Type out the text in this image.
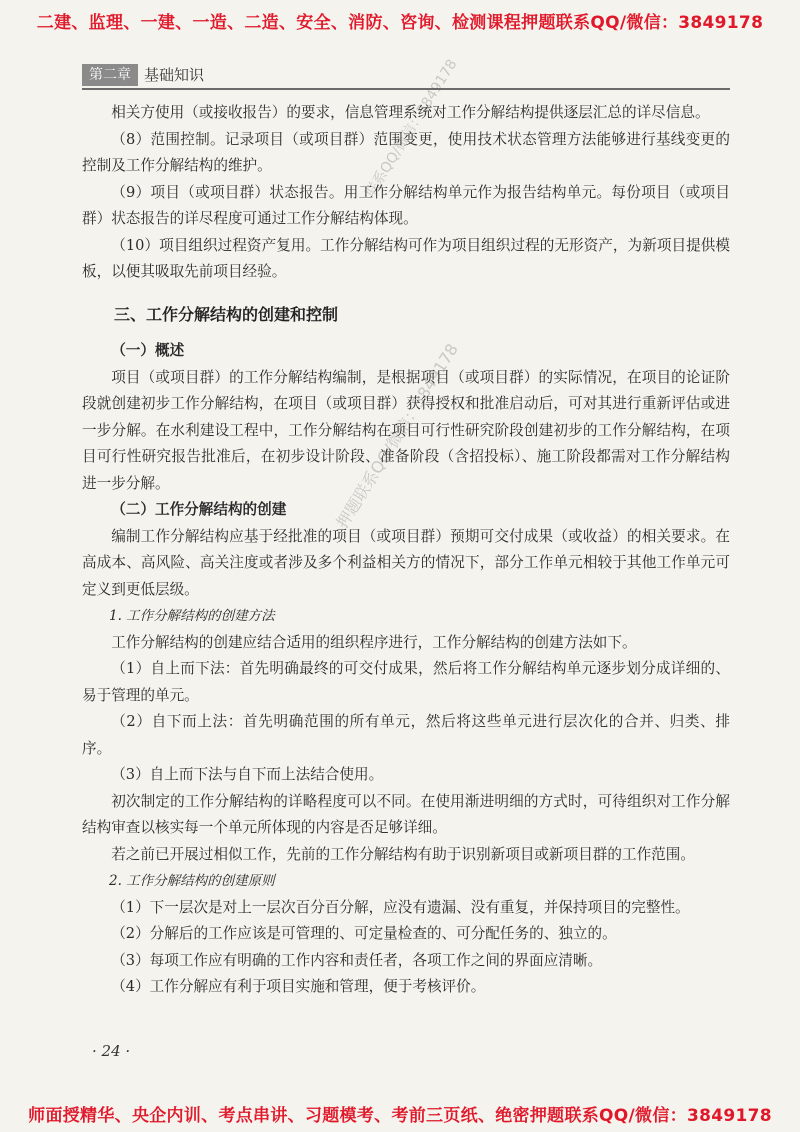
二建、监理、一建、一造、二造、安全、消防、咨询、检测课程押题联系QQ/微信：3849178
第二章 基础知识

相关方使用（或接收报告）的要求，信息管理系统对工作分解结构提供逐层汇总的详尽信息。

（8）范围控制。记录项目（或项目群）范围变更，使用技术状态管理方法能够进行基线变更的控制及工作分解结构的维护。

（9）项目（或项目群）状态报告。用工作分解结构单元作为报告结构单元。每份项目（或项目群）状态报告的详尽程度可通过工作分解结构体现。

（10）项目组织过程资产复用。工作分解结构可作为项目组织过程的无形资产，为新项目提供模板，以便其吸取先前项目经验。

三、工作分解结构的创建和控制

（一）概述

项目（或项目群）的工作分解结构编制，是根据项目（或项目群）的实际情况，在项目的论证阶段就创建初步工作分解结构，在项目（或项目群）获得授权和批准启动后，可对其进行重新评估或进一步分解。在水利建设工程中，工作分解结构在项目可行性研究阶段创建初步的工作分解结构，在项目可行性研究报告批准后，在初步设计阶段、准备阶段（含招投标）、施工阶段都需对工作分解结构进一步分解。

（二）工作分解结构的创建

编制工作分解结构应基于经批准的项目（或项目群）预期可交付成果（或收益）的相关要求。在高成本、高风险、高关注度或者涉及多个利益相关方的情况下，部分工作单元相较于其他工作单元可定义到更低层级。

1. 工作分解结构的创建方法

工作分解结构的创建应结合适用的组织程序进行，工作分解结构的创建方法如下。

（1）自上而下法：首先明确最终的可交付成果，然后将工作分解结构单元逐步划分成详细的、易于管理的单元。

（2）自下而上法：首先明确范围的所有单元，然后将这些单元进行层次化的合并、归类、排序。

（3）自上而下法与自下而上法结合使用。

初次制定的工作分解结构的详略程度可以不同。在使用渐进明细的方式时，可待组织对工作分解结构审查以核实每一个单元所体现的内容是否足够详细。

若之前已开展过相似工作，先前的工作分解结构有助于识别新项目或新项目群的工作范围。

2. 工作分解结构的创建原则

（1）下一层次是对上一层次百分百分解，应没有遗漏、没有重复，并保持项目的完整性。

（2）分解后的工作应该是可管理的、可定量检查的、可分配任务的、独立的。

（3）每项工作应有明确的工作内容和责任者，各项工作之间的界面应清晰。

（4）工作分解应有利于项目实施和管理，便于考核评价。

· 24 ·
联系QQ/微信：3849178
押题联系QQ/微信：3849178
师面授精华、央企内训、考点串讲、习题模考、考前三页纸、绝密押题联系QQ/微信：3849178
